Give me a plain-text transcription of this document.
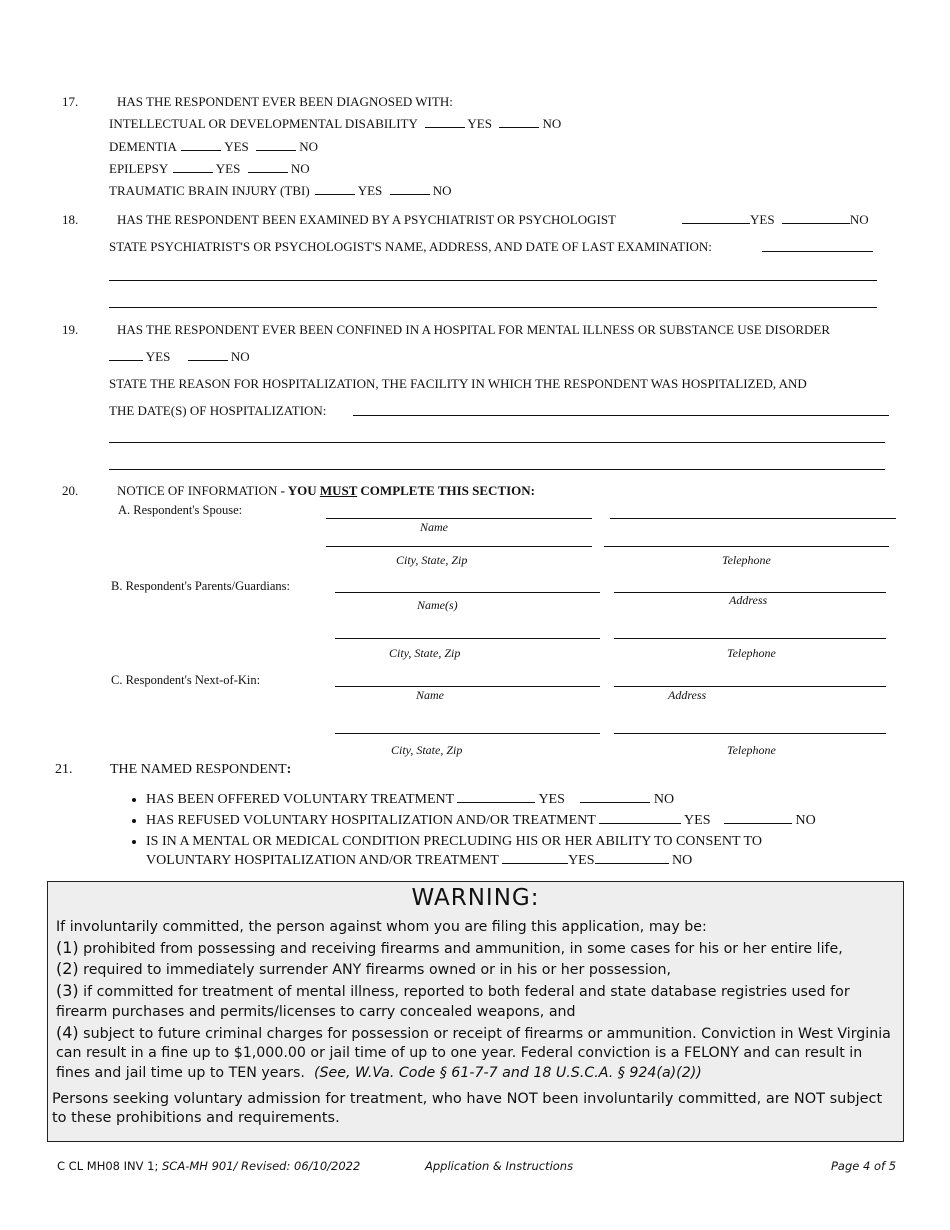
17.	HAS THE RESPONDENT EVER BEEN DIAGNOSED WITH:
INTELLECTUAL OR DEVELOPMENTAL DISABILITY	YES	NO
DEMENTIA	YES	NO
EPILEPSY	YES	NO
TRAUMATIC BRAIN INJURY (TBI)	YES	NO
18.	HAS THE RESPONDENT BEEN EXAMINED BY A PSYCHIATRIST OR PSYCHOLOGIST	YES	NO
STATE PSYCHIATRIST'S OR PSYCHOLOGIST'S NAME, ADDRESS, AND DATE OF LAST EXAMINATION:
19.	HAS THE RESPONDENT EVER BEEN CONFINED IN A HOSPITAL FOR MENTAL ILLNESS OR SUBSTANCE USE DISORDER
YES	NO
STATE THE REASON FOR HOSPITALIZATION, THE FACILITY IN WHICH THE RESPONDENT WAS HOSPITALIZED, AND
THE DATE(S) OF HOSPITALIZATION:
20.	NOTICE OF INFORMATION - YOU MUST COMPLETE THIS SECTION:
A. Respondent's Spouse:
Name
City, State, Zip	Telephone
B. Respondent's Parents/Guardians:
Name(s)	Address
City, State, Zip	Telephone
C. Respondent's Next-of-Kin:
Name	Address
City, State, Zip	Telephone
21.	THE NAMED RESPONDENT:
• HAS BEEN OFFERED VOLUNTARY TREATMENT	YES	NO
• HAS REFUSED VOLUNTARY HOSPITALIZATION AND/OR TREATMENT	YES	NO
• IS IN A MENTAL OR MEDICAL CONDITION PRECLUDING HIS OR HER ABILITY TO CONSENT TO
VOLUNTARY HOSPITALIZATION AND/OR TREATMENT	YES	NO
WARNING:

If involuntarily committed, the person against whom you are filing this application, may be:

(1) prohibited from possessing and receiving firearms and ammunition, in some cases for his or her entire life,

(2) required to immediately surrender ANY firearms owned or in his or her possession,

(3) if committed for treatment of mental illness, reported to both federal and state database registries used for firearm purchases and permits/licenses to carry concealed weapons, and

(4) subject to future criminal charges for possession or receipt of firearms or ammunition. Conviction in West Virginia can result in a fine up to $1,000.00 or jail time of up to one year. Federal conviction is a FELONY and can result in fines and jail time up to TEN years. (See, W.Va. Code § 61-7-7 and 18 U.S.C.A. § 924(a)(2))

Persons seeking voluntary admission for treatment, who have NOT been involuntarily committed, are NOT subject to these prohibitions and requirements.
C CL MH08 INV 1; SCA-MH 901/ Revised: 06/10/2022	Application & Instructions	Page 4 of 5
